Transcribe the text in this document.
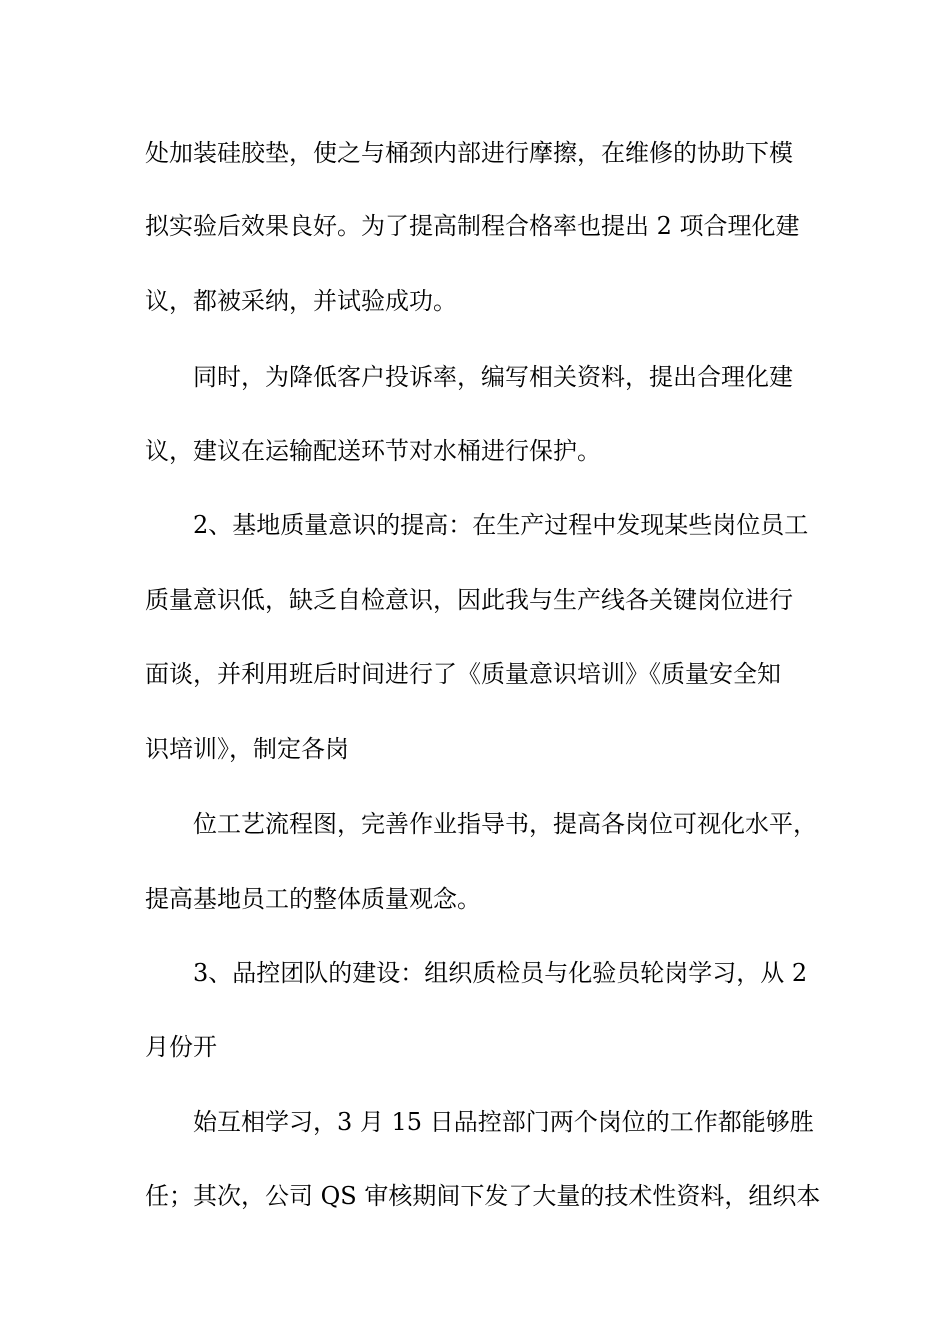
处加装硅胶垫，使之与桶颈内部进行摩擦，在维修的协助下模
拟实验后效果良好。为了提高制程合格率也提出 2 项合理化建
议，都被采纳，并试验成功。
同时，为降低客户投诉率，编写相关资料，提出合理化建
议，建议在运输配送环节对水桶进行保护。
2、基地质量意识的提高：在生产过程中发现某些岗位员工
质量意识低，缺乏自检意识，因此我与生产线各关键岗位进行
面谈，并利用班后时间进行了《质量意识培训》《质量安全知
识培训》，制定各岗
位工艺流程图，完善作业指导书，提高各岗位可视化水平，
提高基地员工的整体质量观念。
3、品控团队的建设：组织质检员与化验员轮岗学习，从 2
月份开
始互相学习，3 月 15 日品控部门两个岗位的工作都能够胜
任；其次，公司 QS 审核期间下发了大量的技术性资料，组织本
